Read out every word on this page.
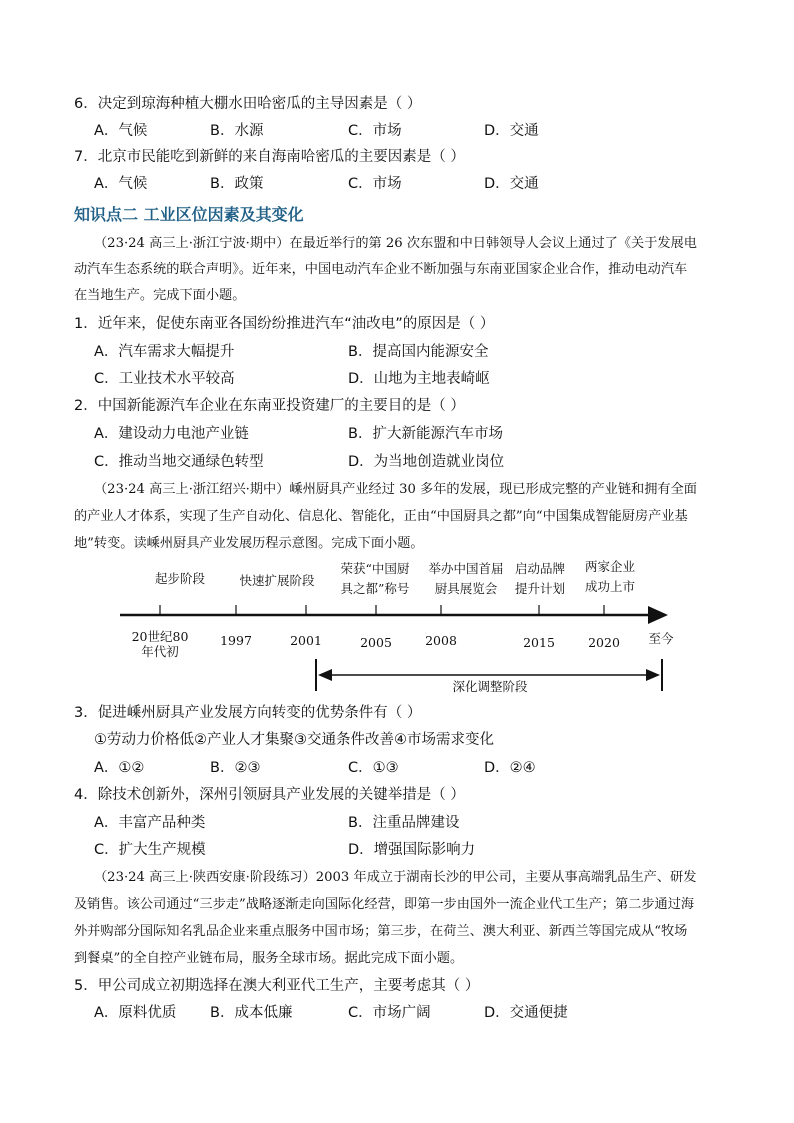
6．决定到琼海种植大棚水田哈密瓜的主导因素是（ ）
A．气候	B．水源	C．市场	D．交通
7．北京市民能吃到新鲜的来自海南哈密瓜的主要因素是（ ）
A．气候	B．政策	C．市场	D．交通
知识点二 工业区位因素及其变化
（23·24 高三上·浙江宁波·期中）在最近举行的第 26 次东盟和中日韩领导人会议上通过了《关于发展电
动汽车生态系统的联合声明》。近年来，中国电动汽车企业不断加强与东南亚国家企业合作，推动电动汽车
在当地生产。完成下面小题。
1．近年来，促使东南亚各国纷纷推进汽车“油改电”的原因是（ ）
A．汽车需求大幅提升	B．提高国内能源安全
C．工业技术水平较高	D．山地为主地表崎岖
2．中国新能源汽车企业在东南亚投资建厂的主要目的是（ ）
A．建设动力电池产业链	B．扩大新能源汽车市场
C．推动当地交通绿色转型	D．为当地创造就业岗位
（23·24 高三上·浙江绍兴·期中）嵊州厨具产业经过 30 多年的发展，现已形成完整的产业链和拥有全面
的产业人才体系，实现了生产自动化、信息化、智能化，正由“中国厨具之都”向“中国集成智能厨房产业基
地”转变。读嵊州厨具产业发展历程示意图。完成下面小题。
起步阶段	快速扩展阶段
荣获“中国厨
具之都”称号
举办中国首届
厨具展览会
启动品牌
提升计划
两家企业
成功上市
20世纪80
年代初
1997	2001	2005	2008	2015	2020	至今
深化调整阶段
3．促进嵊州厨具产业发展方向转变的优势条件有（ ）
①劳动力价格低②产业人才集聚③交通条件改善④市场需求变化
A．①②	B．②③	C．①③	D．②④
4．除技术创新外，深州引领厨具产业发展的关键举措是（ ）
A．丰富产品种类	B．注重品牌建设
C．扩大生产规模	D．增强国际影响力
（23·24 高三上·陕西安康·阶段练习）2003 年成立于湖南长沙的甲公司，主要从事高端乳品生产、研发
及销售。该公司通过“三步走”战略逐渐走向国际化经营，即第一步由国外一流企业代工生产；第二步通过海
外并购部分国际知名乳品企业来重点服务中国市场；第三步，在荷兰、澳大利亚、新西兰等国完成从“牧场
到餐桌”的全自控产业链布局，服务全球市场。据此完成下面小题。
5．甲公司成立初期选择在澳大利亚代工生产，主要考虑其（ ）
A．原料优质 B．成本低廉	C．市场广阔	D．交通便捷
